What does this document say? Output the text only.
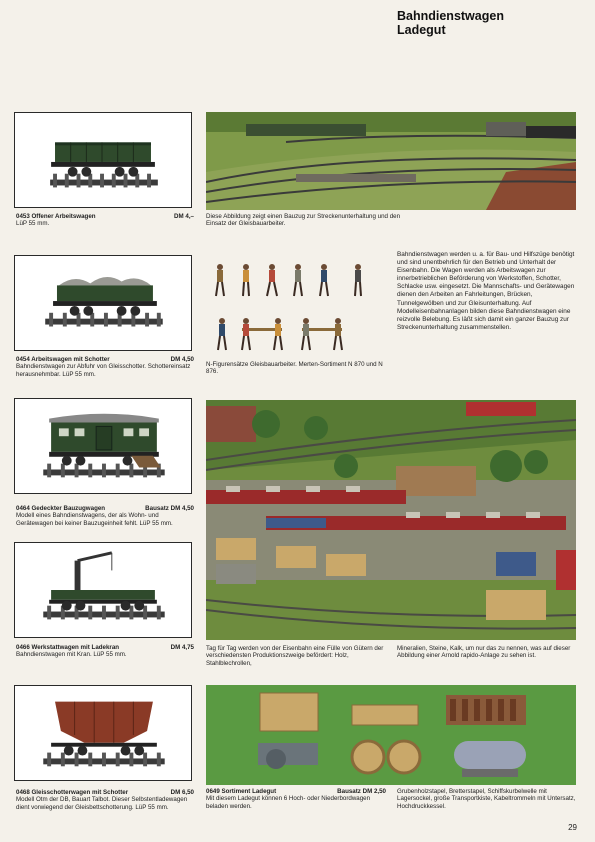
Bahndienstwagen
Ladegut
0453 Offener Arbeitswagen	DM 4,–
LüP 55 mm.
0454 Arbeitswagen mit Schotter	DM 4,50
Bahndienstwagen zur Abfuhr von Gleisschotter. Schottereinsatz herausnehmbar. LüP 55 mm.
0464 Gedeckter Bauzugwagen	Bausatz DM 4,50
Modell eines Bahndienstwagens, der als Wohn- und Gerätewagen bei keiner Bauzugeinheit fehlt. LüP 55 mm.
0466 Werkstattwagen mit Ladekran	DM 4,75
Bahndienstwagen mit Kran. LüP 55 mm.
0468 Gleisschotterwagen mit Schotter	DM 6,50
Modell Otm der DB, Bauart Talbot. Dieser Selbstentladewagen dient vorwiegend der Gleisbettschotterung. LüP 55 mm.
Diese Abbildung zeigt einen Bauzug zur Streckenunterhaltung und den Einsatz der Gleisbauarbeiter.
N-Figurensätze Gleisbauarbeiter. Merten-Sortiment N 870 und N 876.
Bahndienstwagen werden u. a. für Bau- und Hilfszüge benötigt und sind unentbehrlich für den Betrieb und Unterhalt der Eisenbahn. Die Wagen werden als Arbeitswagen zur innerbetrieblichen Beförderung von Werkstoffen, Schotter, Schlacke usw. eingesetzt. Die Mannschafts- und Gerätewagen dienen den Arbeiten an Fahrleitungen, Brücken, Tunnelgewölben und zur Gleisunterhaltung. Auf Modelleisenbahnanlagen bilden diese Bahndienstwagen eine reizvolle Belebung. Es läßt sich damit ein ganzer Bauzug zur Streckenunterhaltung zusammenstellen.
Tag für Tag werden von der Eisenbahn eine Fülle von Gütern der verschiedensten Produktionszweige befördert: Holz, Stahlblechrollen,
Mineralien, Steine, Kalk, um nur das zu nennen, was auf dieser Abbildung einer Arnold rapido-Anlage zu sehen ist.
0649 Sortiment Ladegut	Bausatz DM 2,50
Mit diesem Ladegut können 6 Hoch- oder Niederbordwagen beladen werden.
Grubenholzstapel, Bretterstapel, Schiffskurbelwelle mit Lagersockel, große Transportkiste, Kabeltrommeln mit Untersatz, Hochdruckkessel.
29
